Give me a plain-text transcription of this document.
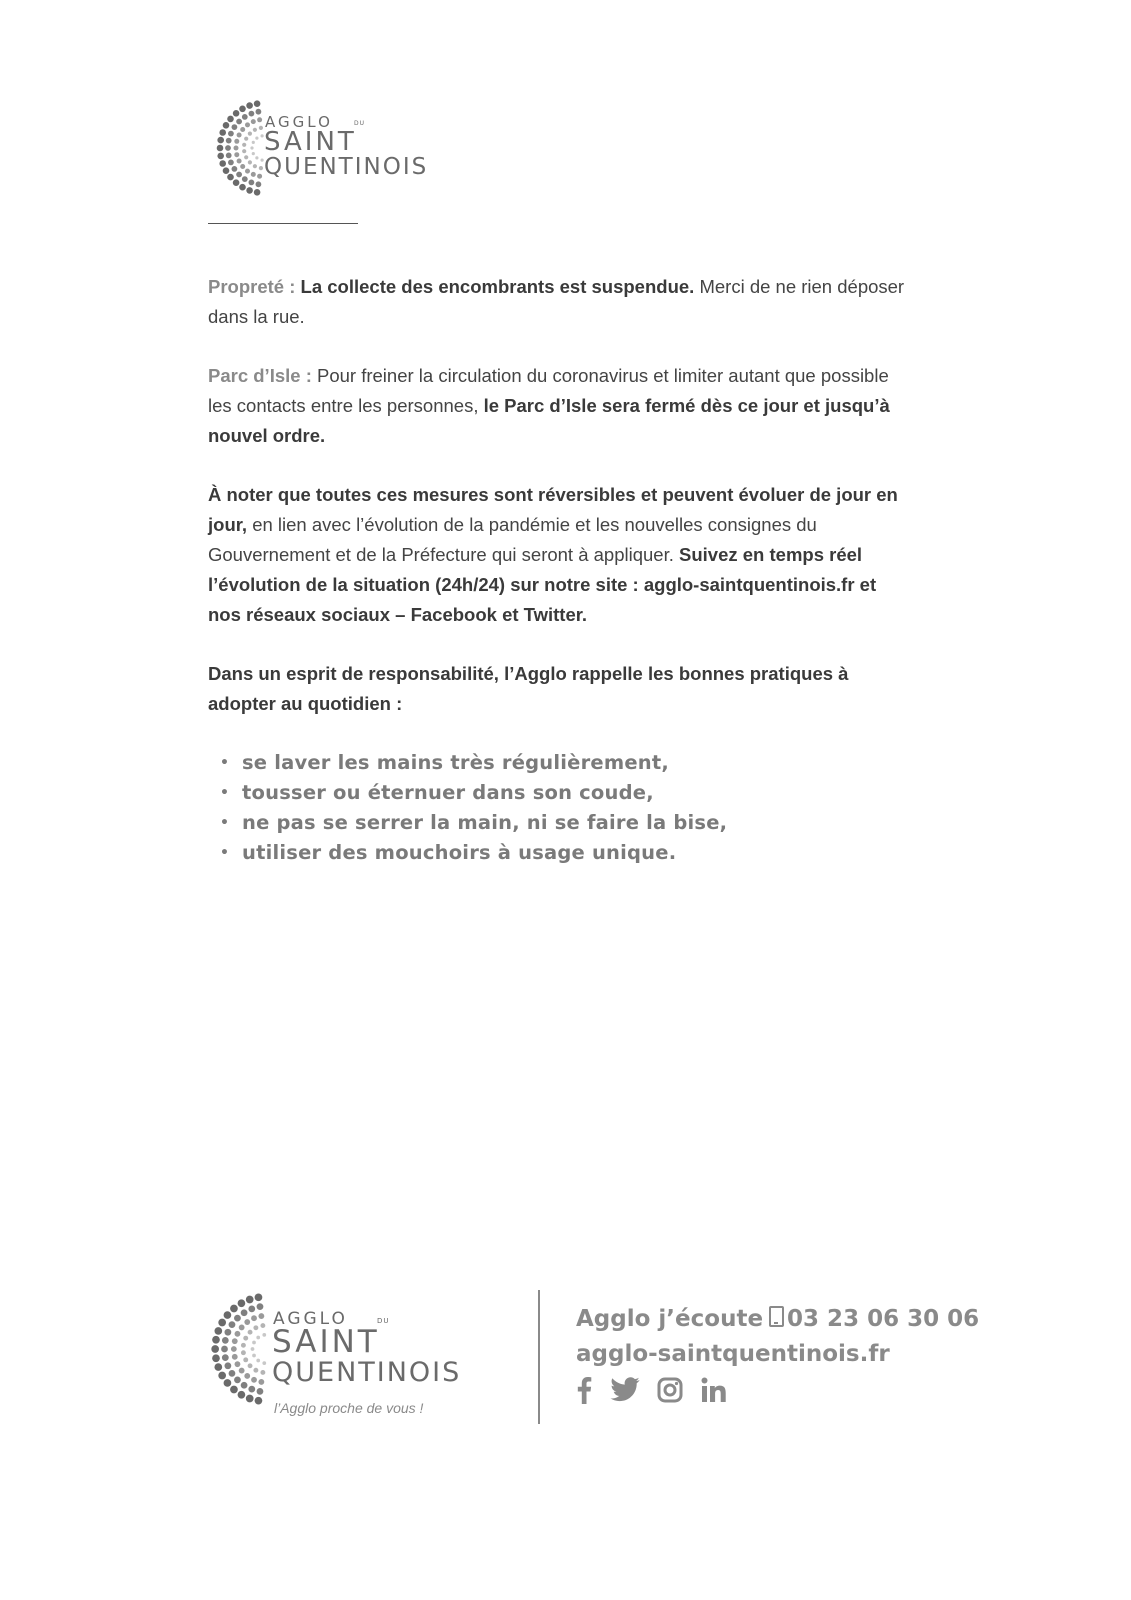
AGGLO	DU
SAINT
QUENTINOIS

Propreté : La collecte des encombrants est suspendue. Merci de ne rien déposer dans la rue.

Parc d’Isle : Pour freiner la circulation du coronavirus et limiter autant que possible les contacts entre les personnes, le Parc d’Isle sera fermé dès ce jour et jusqu’à nouvel ordre.

À noter que toutes ces mesures sont réversibles et peuvent évoluer de jour en jour, en lien avec l’évolution de la pandémie et les nouvelles consignes du Gouvernement et de la Préfecture qui seront à appliquer. Suivez en temps réel l’évolution de la situation (24h/24) sur notre site : agglo-saintquentinois.fr et nos réseaux sociaux – Facebook et Twitter.

Dans un esprit de responsabilité, l’Agglo rappelle les bonnes pratiques à adopter au quotidien :

• se laver les mains très régulièrement,
• tousser ou éternuer dans son coude,
• ne pas se serrer la main, ni se faire la bise,
• utiliser des mouchoirs à usage unique.
AGGLO	DU
SAINT
QUENTINOIS
l’Agglo proche de vous !
Agglo j’écoute 03 23 06 30 06
agglo-saintquentinois.fr
